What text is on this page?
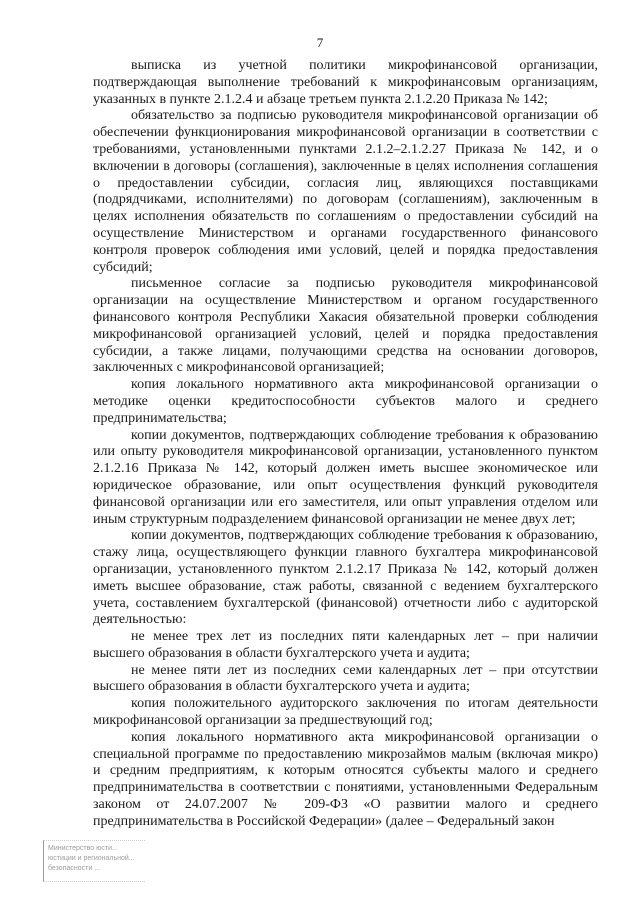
7

выписка из учетной политики микрофинансовой организации, подтверждающая выполнение требований к микрофинансовым организациям, указанных в пункте 2.1.2.4 и абзаце третьем пункта 2.1.2.20 Приказа № 142;

обязательство за подписью руководителя микрофинансовой организации об обеспечении функционирования микрофинансовой организации в соответствии с требованиями, установленными пунктами 2.1.2–2.1.2.27 Приказа № 142, и о включении в договоры (соглашения), заключенные в целях исполнения соглашения о предоставлении субсидии, согласия лиц, являющихся поставщиками (подрядчиками, исполнителями) по договорам (соглашениям), заключенным в целях исполнения обязательств по соглашениям о предоставлении субсидий на осуществление Министерством и органами государственного финансового контроля проверок соблюдения ими условий, целей и порядка предоставления субсидий;

письменное согласие за подписью руководителя микрофинансовой организации на осуществление Министерством и органом государственного финансового контроля Республики Хакасия обязательной проверки соблюдения микрофинансовой организацией условий, целей и порядка предоставления субсидии, а также лицами, получающими средства на основании договоров, заключенных с микрофинансовой организацией;

копия локального нормативного акта микрофинансовой организации о методике оценки кредитоспособности субъектов малого и среднего предпринимательства;

копии документов, подтверждающих соблюдение требования к образованию или опыту руководителя микрофинансовой организации, установленного пунктом 2.1.2.16 Приказа № 142, который должен иметь высшее экономическое или юридическое образование, или опыт осуществления функций руководителя финансовой организации или его заместителя, или опыт управления отделом или иным структурным подразделением финансовой организации не менее двух лет;

копии документов, подтверждающих соблюдение требования к образованию, стажу лица, осуществляющего функции главного бухгалтера микрофинансовой организации, установленного пунктом 2.1.2.17 Приказа № 142, который должен иметь высшее образование, стаж работы, связанной с ведением бухгалтерского учета, составлением бухгалтерской (финансовой) отчетности либо с аудиторской деятельностью:

не менее трех лет из последних пяти календарных лет – при наличии высшего образования в области бухгалтерского учета и аудита;

не менее пяти лет из последних семи календарных лет – при отсутствии высшего образования в области бухгалтерского учета и аудита;

копия положительного аудиторского заключения по итогам деятельности микрофинансовой организации за предшествующий год;

копия локального нормативного акта микрофинансовой организации о специальной программе по предоставлению микрозаймов малым (включая микро) и средним предприятиям, к которым относятся субъекты малого и среднего предпринимательства в соответствии с понятиями, установленными Федеральным законом от 24.07.2007 № 209-ФЗ «О развитии малого и среднего предпринимательства в Российской Федерации» (далее – Федеральный закон

Министерство юсти...
юстиции и региональной...
безопасности ...
